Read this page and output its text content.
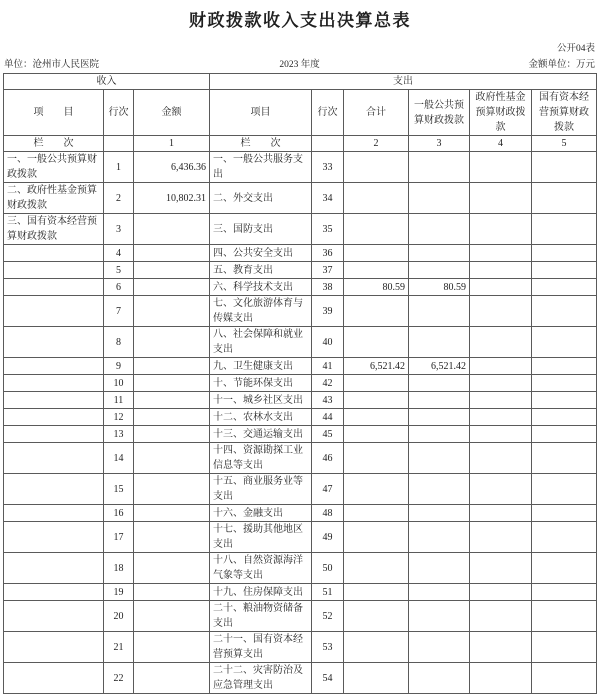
财政拨款收入支出决算总表
公开04表
单位：沧州市人民医院	2023 年度	金额单位：万元
收入			支出					
项　　目	行次	金额	项目	行次	合计	一般公共预算财政拨款	政府性基金预算财政拨款	国有资本经营预算财政拨款
栏　　次		1	栏　　次		2	3	4	5
一、一般公共预算财政拨款	1	6,436.36	一、一般公共服务支出	33				
二、政府性基金预算财政拨款	2	10,802.31	二、外交支出	34				
三、国有资本经营预算财政拨款	3		三、国防支出	35				
	4		四、公共安全支出	36				
	5		五、教育支出	37				
	6		六、科学技术支出	38	80.59	80.59		
	7		七、文化旅游体育与传媒支出	39				
	8		八、社会保障和就业支出	40				
	9		九、卫生健康支出	41	6,521.42	6,521.42		
	10		十、节能环保支出	42				
	11		十一、城乡社区支出	43				
	12		十二、农林水支出	44				
	13		十三、交通运输支出	45				
	14		十四、资源勘探工业信息等支出	46				
	15		十五、商业服务业等支出	47				
	16		十六、金融支出	48				
	17		十七、援助其他地区支出	49				
	18		十八、自然资源海洋气象等支出	50				
	19		十九、住房保障支出	51				
	20		二十、粮油物资储备支出	52				
	21		二十一、国有资本经营预算支出	53				
	22		二十二、灾害防治及应急管理支出	54				
